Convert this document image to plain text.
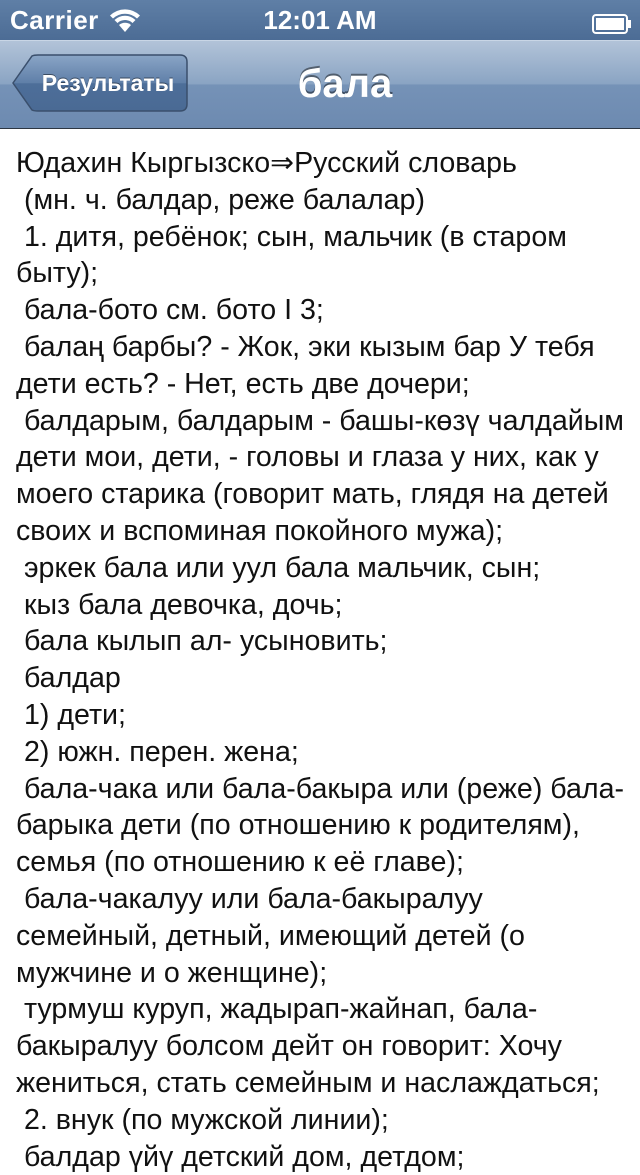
Carrier	12:01 AM
Результаты	бала

Юдахин Кыргызско⇒Русский словарь
(мн. ч. балдар, реже балалар)
1. дитя, ребёнок; сын, мальчик (в старом быту);
бала-бото см. бото I 3;
балаң барбы? - Жок, эки кызым бар У тебя дети есть? - Нет, есть две дочери;
балдарым, балдарым - башы-көзү чалдайым дети мои, дети, - головы и глаза у них, как у моего старика (говорит мать, глядя на детей своих и вспоминая покойного мужа);
эркек бала или уул бала мальчик, сын;
кыз бала девочка, дочь;
бала кылып ал- усыновить;
балдар
1) дети;
2) южн. перен. жена;
бала-чака или бала-бакыра или (реже) бала-барыка дети (по отношению к родителям), семья (по отношению к её главе);
бала-чакалуу или бала-бакыралуу семейный, детный, имеющий детей (о мужчине и о женщине);
турмуш куруп, жадырап-жайнап, бала-бакыралуу болсом дейт он говорит: Хочу жениться, стать семейным и наслаждаться;
2. внук (по мужской линии);
балдар үйү детский дом, детдом;
